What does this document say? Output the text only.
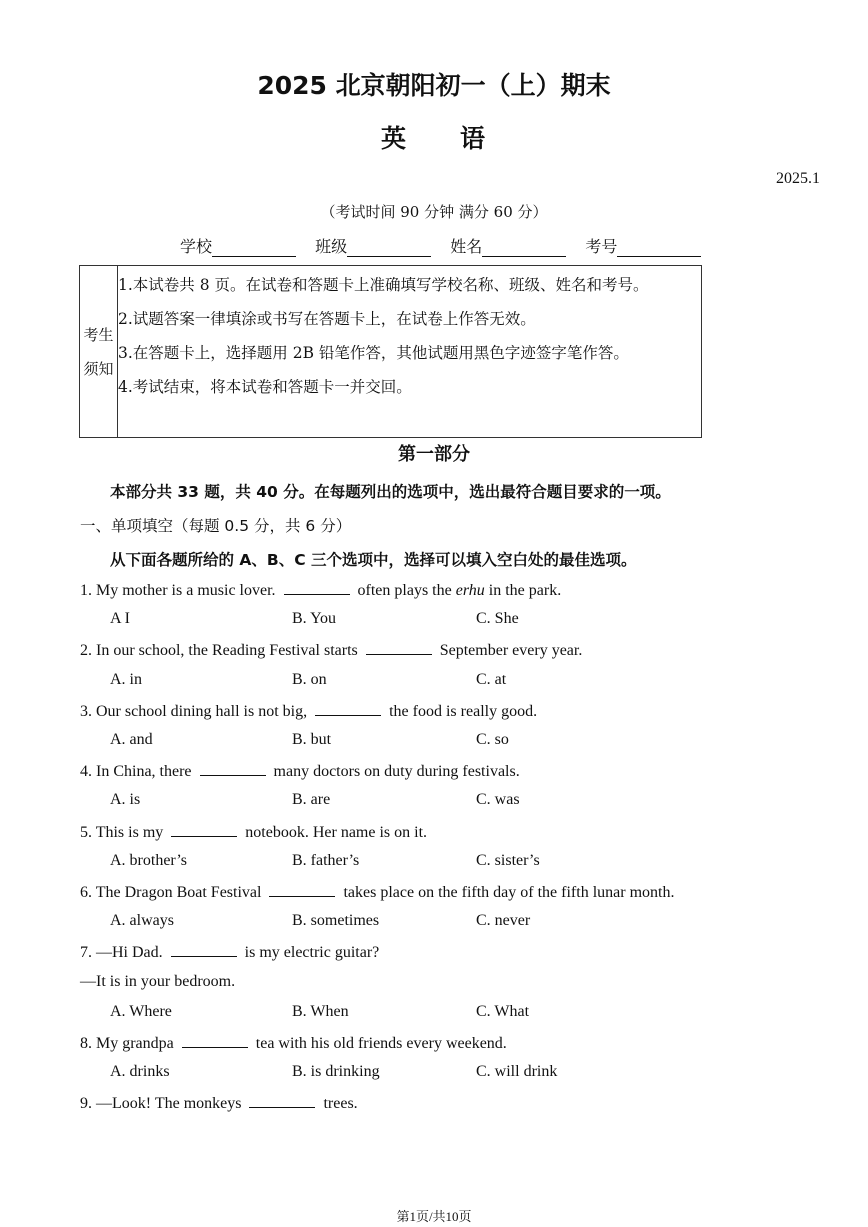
2025 北京朝阳初一（上）期末
英 语
2025.1
（考试时间 90 分钟 满分 60 分）
学校	班级	姓名	考号
考生
须知
1.本试卷共 8 页。在试卷和答题卡上准确填写学校名称、班级、姓名和考号。
2.试题答案一律填涂或书写在答题卡上，在试卷上作答无效。
3.在答题卡上，选择题用 2B 铅笔作答，其他试题用黑色字迹签字笔作答。
4.考试结束，将本试卷和答题卡一并交回。
第一部分
本部分共 33 题，共 40 分。在每题列出的选项中，选出最符合题目要求的一项。
一、单项填空（每题 0.5 分，共 6 分）
从下面各题所给的 A、B、C 三个选项中，选择可以填入空白处的最佳选项。
1. My mother is a music lover.	often plays the erhu in the park.
A I	B. You	C. She
2. In our school, the Reading Festival starts	September every year.
A. in	B. on	C. at
3. Our school dining hall is not big,	the food is really good.
A. and	B. but	C. so
4. In China, there	many doctors on duty during festivals.
A. is	B. are	C. was
5. This is my	notebook. Her name is on it.
A. brother’s	B. father’s	C. sister’s
6. The Dragon Boat Festival	takes place on the fifth day of the fifth lunar month.
A. always	B. sometimes	C. never
7. —Hi Dad.	is my electric guitar?
—It is in your bedroom.
A. Where	B. When	C. What
8. My grandpa	tea with his old friends every weekend.
A. drinks	B. is drinking	C. will drink
9. —Look! The monkeys	trees.
第1页/共10页
